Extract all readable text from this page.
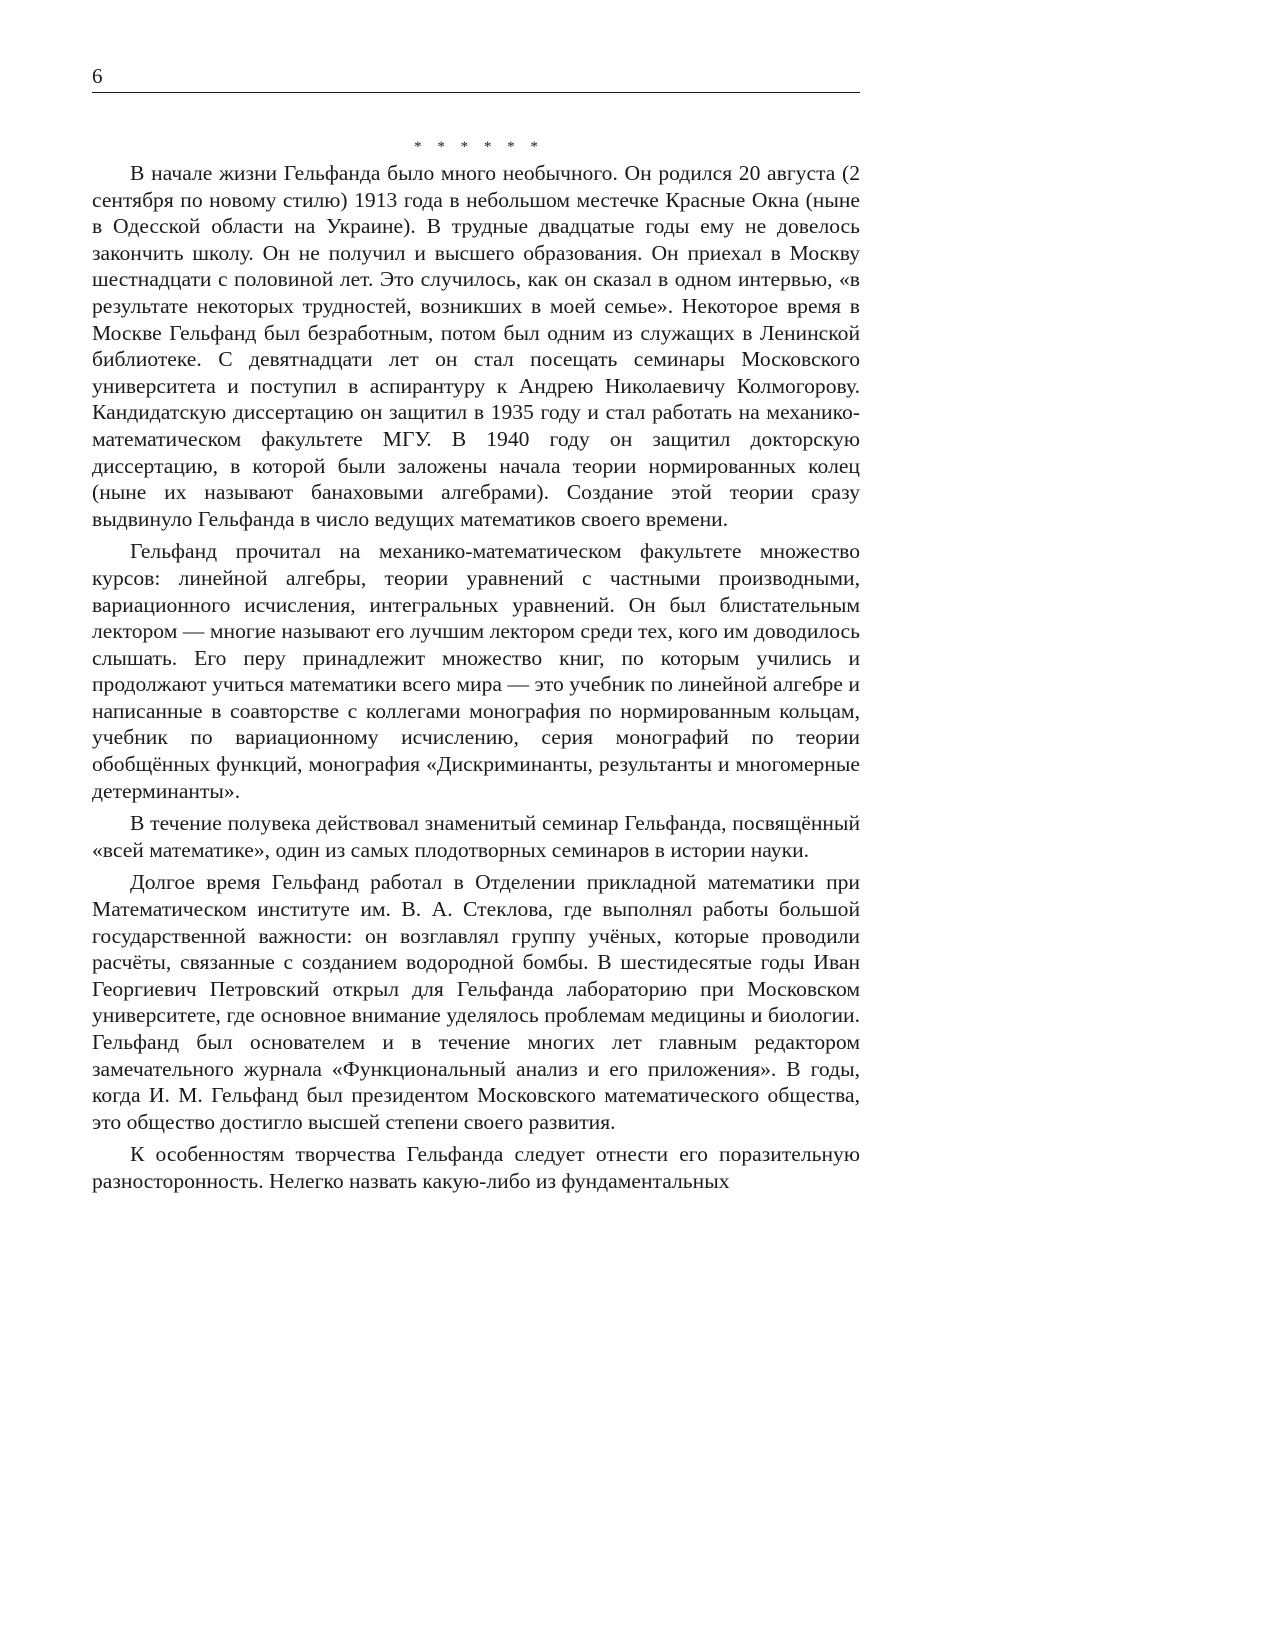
6
* * * * * *

В начале жизни Гельфанда было много необычного. Он родился 20 августа (2 сентября по новому стилю) 1913 года в небольшом местечке Красные Окна (ныне в Одесской области на Украине). В трудные двадцатые годы ему не довелось закончить школу. Он не получил и высшего образования. Он приехал в Москву шестнадцати с половиной лет. Это случилось, как он сказал в одном интервью, «в результате некоторых трудностей, возникших в моей семье». Некоторое время в Москве Гельфанд был безработным, потом был одним из служащих в Ленинской библиотеке. С девятнадцати лет он стал посещать семинары Московского университета и поступил в аспирантуру к Андрею Николаевичу Колмогорову. Кандидатскую диссертацию он защитил в 1935 году и стал работать на механико-математическом факультете МГУ. В 1940 году он защитил докторскую диссертацию, в которой были заложены начала теории нормированных колец (ныне их называют банаховыми алгебрами). Создание этой теории сразу выдвинуло Гельфанда в число ведущих математиков своего времени.

Гельфанд прочитал на механико-математическом факультете множество курсов: линейной алгебры, теории уравнений с частными производными, вариационного исчисления, интегральных уравнений. Он был блистательным лектором — многие называют его лучшим лектором среди тех, кого им доводилось слышать. Его перу принадлежит множество книг, по которым учились и продолжают учиться математики всего мира — это учебник по линейной алгебре и написанные в соавторстве с коллегами монография по нормированным кольцам, учебник по вариационному исчислению, серия монографий по теории обобщённых функций, монография «Дискриминанты, результанты и многомерные детерминанты».

В течение полувека действовал знаменитый семинар Гельфанда, посвящённый «всей математике», один из самых плодотворных семинаров в истории науки.

Долгое время Гельфанд работал в Отделении прикладной математики при Математическом институте им. В. А. Стеклова, где выполнял работы большой государственной важности: он возглавлял группу учёных, которые проводили расчёты, связанные с созданием водородной бомбы. В шестидесятые годы Иван Георгиевич Петровский открыл для Гельфанда лабораторию при Московском университете, где основное внимание уделялось проблемам медицины и биологии. Гельфанд был основателем и в течение многих лет главным редактором замечательного журнала «Функциональный анализ и его приложения». В годы, когда И. М. Гельфанд был президентом Московского математического общества, это общество достигло высшей степени своего развития.

К особенностям творчества Гельфанда следует отнести его поразительную разносторонность. Нелегко назвать какую-либо из фундаментальных
